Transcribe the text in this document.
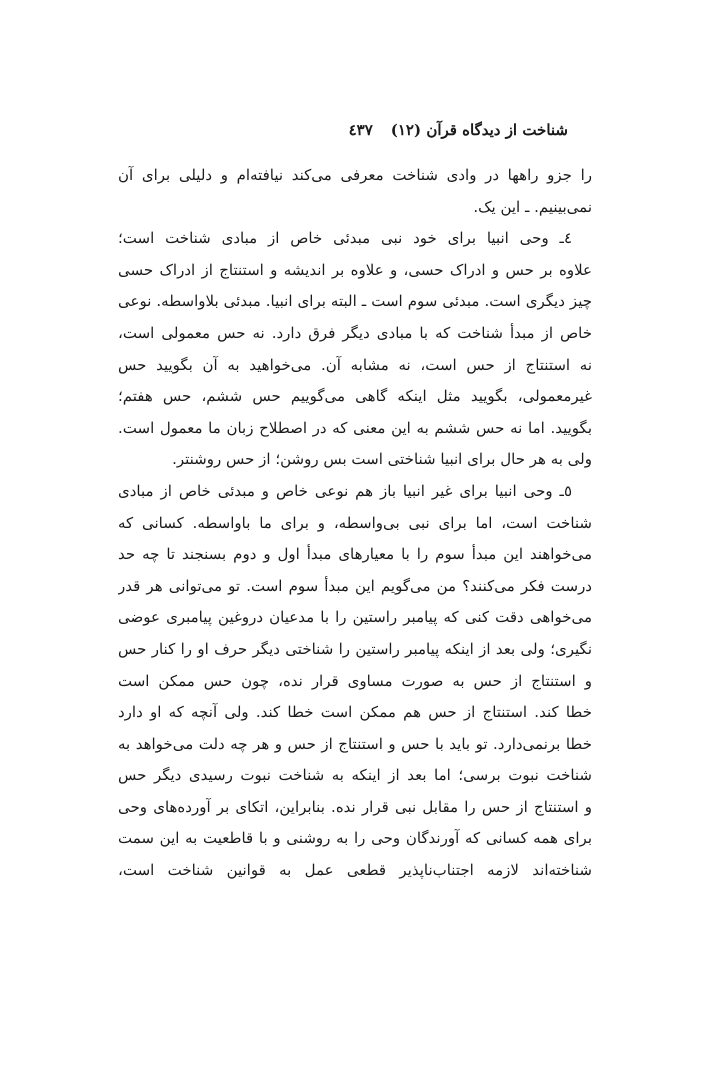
شناخت از دیدگاه قرآن (۱۲)
٤٣٧
را جزو راهها در وادی شناخت معرفی می‌کند نیافته‌ام و دلیلی برای آن
نمی‌بینیم. ـ این یک.
٤ـ وحی انبیا برای خود نبی مبدئی خاص از مبادی شناخت است؛
علاوه بر حس و ادراک حسی، و علاوه بر اندیشه و استنتاج از ادراک حسی
چیز دیگری است. مبدئی سوم است ـ البته برای انبیا. مبدئی بلاواسطه. نوعی
خاص از مبدأ شناخت که با مبادی دیگر فرق دارد. نه حس معمولی است،
نه استنتاج از حس است، نه مشابه آن. می‌خواهید به آن بگویید حس
غیرمعمولی، بگویید مثل اینکه گاهی می‌گوییم حس ششم، حس هفتم؛
بگویید. اما نه حس ششم به این معنی که در اصطلاح زبان ما معمول است.
ولی به هر حال برای انبیا شناختی است بس روشن؛ از حس روشنتر.
٥ـ وحی انبیا برای غیر انبیا باز هم نوعی خاص و مبدئی خاص از مبادی
شناخت است، اما برای نبی بی‌واسطه، و برای ما باواسطه. کسانی که
می‌خواهند این مبدأ سوم را با معیارهای مبدأ اول و دوم بسنجند تا چه حد
درست فکر می‌کنند؟ من می‌گویم این مبدأ سوم است. تو می‌توانی هر قدر
می‌خواهی دقت کنی که پیامبر راستین را با مدعیان دروغین پیامبری عوضی
نگیری؛ ولی بعد از اینکه پیامبر راستین را شناختی دیگر حرف او را کنار حس
و استنتاج از حس به صورت مساوی قرار نده، چون حس ممکن است
خطا کند. استنتاج از حس هم ممکن است خطا کند. ولی آنچه که او دارد
خطا برنمی‌دارد. تو باید با حس و استنتاج از حس و هر چه دلت می‌خواهد به
شناخت نبوت برسی؛ اما بعد از اینکه به شناخت نبوت رسیدی دیگر حس
و استنتاج از حس را مقابل نبی قرار نده. بنابراین، اتکای بر آورده‌های وحی
برای همه کسانی که آورندگان وحی را به روشنی و با قاطعیت به این سمت
شناخته‌اند لازمه اجتناب‌ناپذیر قطعی عمل به قوانین شناخت است،
